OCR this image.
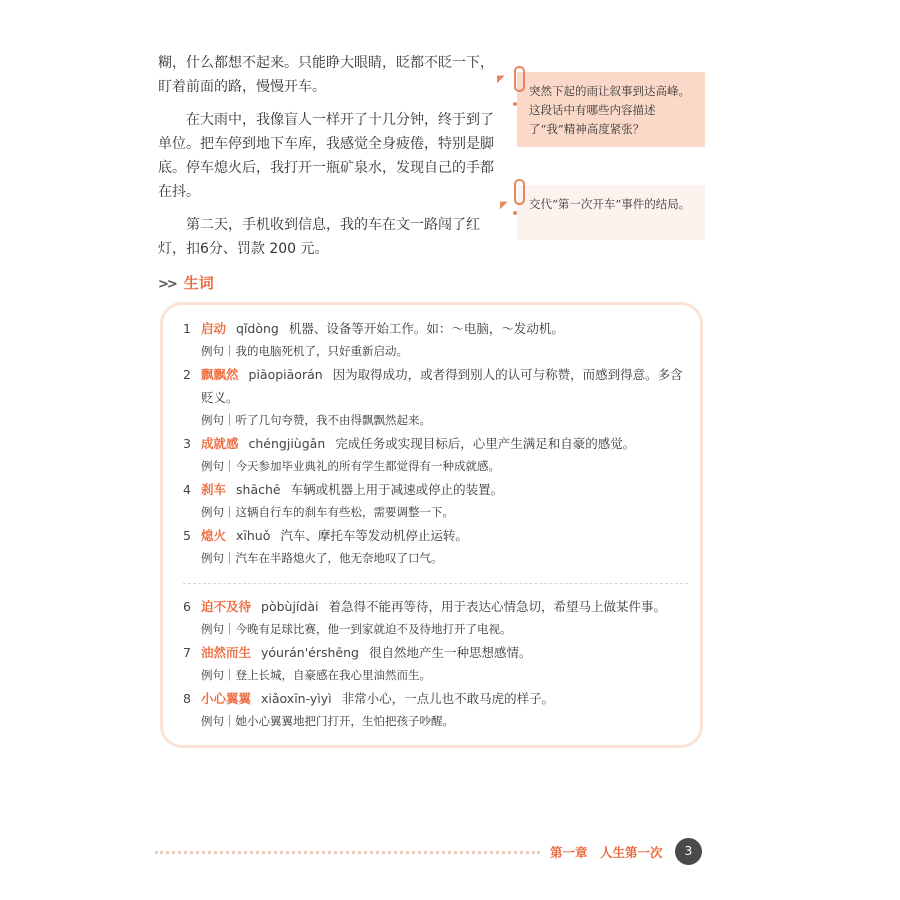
糊，什么都想不起来。只能睁大眼睛，眨都不眨一下，盯着前面的路，慢慢开车。

在大雨中，我像盲人一样开了十几分钟，终于到了单位。把车停到地下车库，我感觉全身疲倦，特别是脚底。停车熄火后，我打开一瓶矿泉水，发现自己的手都在抖。

第二天，手机收到信息，我的车在文一路闯了红灯，扣6分、罚款 200 元。

◤
◤
突然下起的雨让叙事到达高峰。这段话中有哪些内容描述了“我”精神高度紧张？
交代“第一次开车”事件的结局。
>> 生词
1 启动 qǐdòng 机器、设备等开始工作。如：～电脑，～发动机。
例句｜我的电脑死机了，只好重新启动。
2 飘飘然 piāopiāorán 因为取得成功，或者得到别人的认可与称赞，而感到得意。多含
贬义。
例句｜听了几句夸赞，我不由得飘飘然起来。
3 成就感 chéngjiùgǎn 完成任务或实现目标后，心里产生满足和自豪的感觉。
例句｜今天参加毕业典礼的所有学生都觉得有一种成就感。
4 刹车 shāchē 车辆或机器上用于减速或停止的装置。
例句｜这辆自行车的刹车有些松，需要调整一下。
5 熄火 xīhuǒ 汽车、摩托车等发动机停止运转。
例句｜汽车在半路熄火了，他无奈地叹了口气。
6 迫不及待 pòbùjídài 着急得不能再等待，用于表达心情急切，希望马上做某件事。
例句｜今晚有足球比赛，他一到家就迫不及待地打开了电视。
7 油然而生 yóurán'érshēng 很自然地产生一种思想感情。
例句｜登上长城，自豪感在我心里油然而生。
8 小心翼翼 xiǎoxīn-yìyì 非常小心，一点儿也不敢马虎的样子。
例句｜她小心翼翼地把门打开，生怕把孩子吵醒。
第一章　人生第一次	3
